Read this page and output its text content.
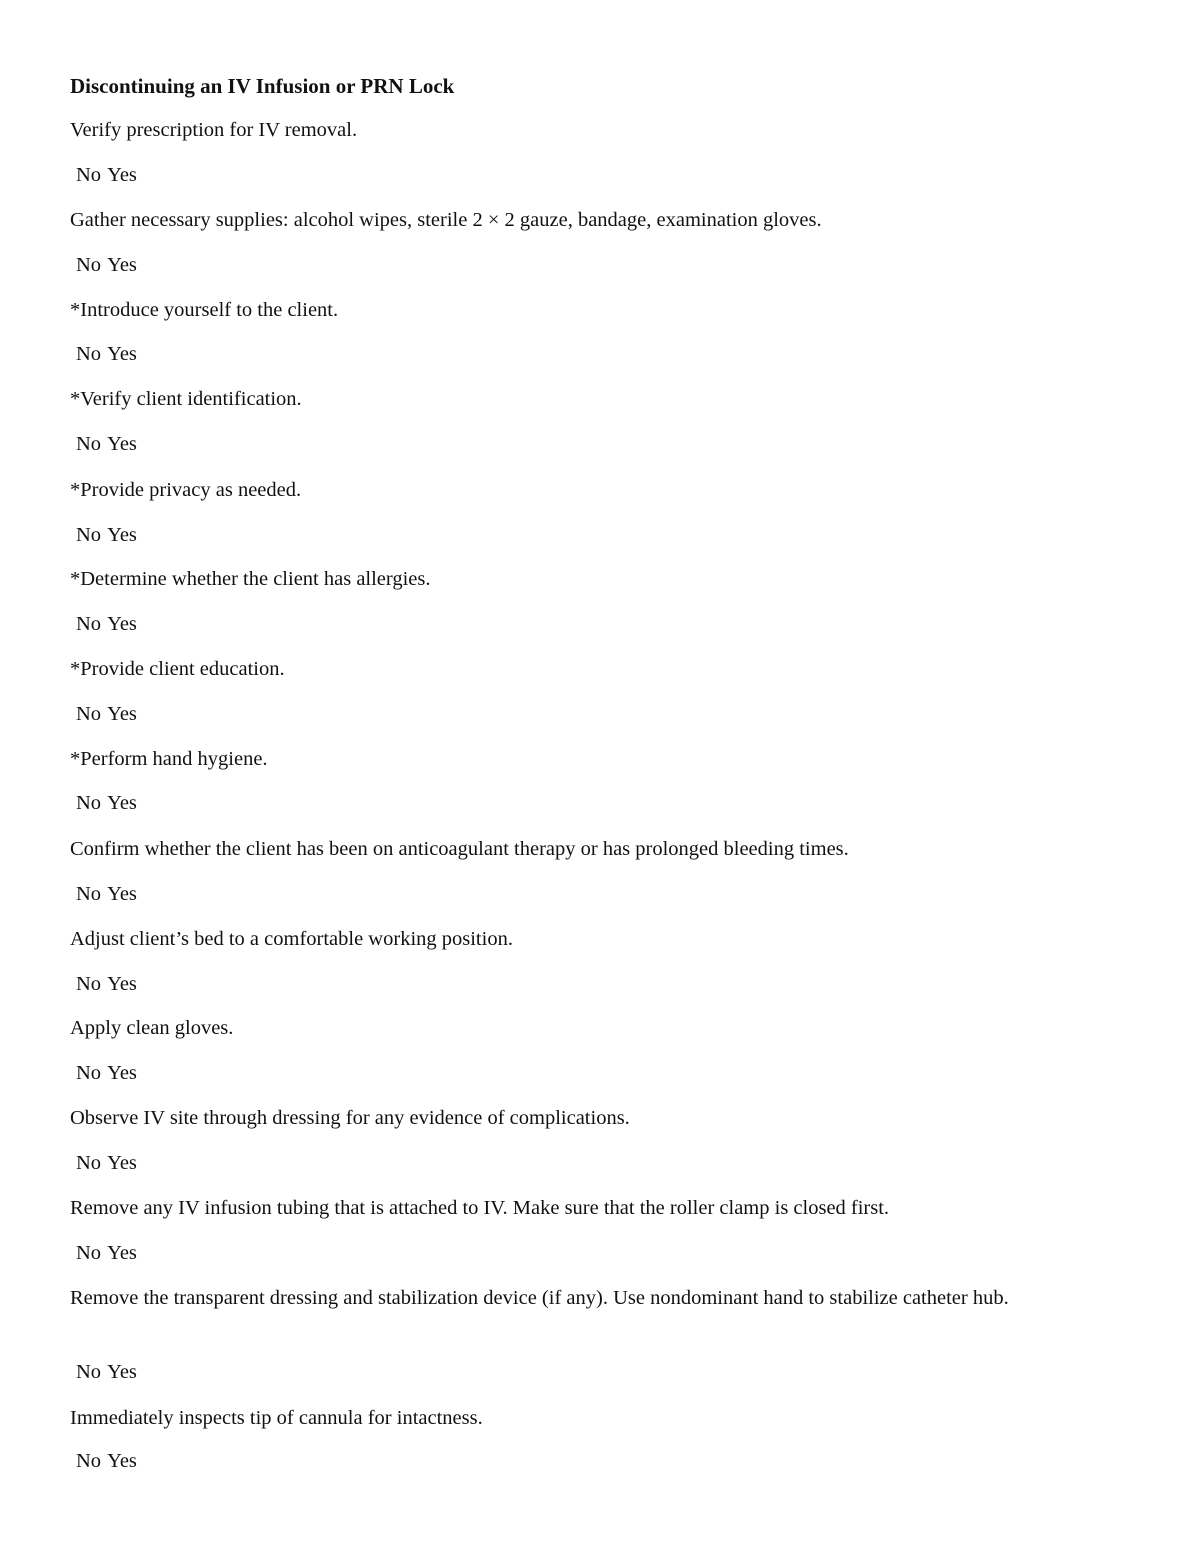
Discontinuing an IV Infusion or PRN Lock
Verify prescription for IV removal.
No Yes
Gather necessary supplies: alcohol wipes, sterile 2 × 2 gauze, bandage, examination gloves.
No Yes
*Introduce yourself to the client.
No Yes
*Verify client identification.
No Yes
*Provide privacy as needed.
No Yes
*Determine whether the client has allergies.
No Yes
*Provide client education.
No Yes
*Perform hand hygiene.
No Yes
Confirm whether the client has been on anticoagulant therapy or has prolonged bleeding times.
No Yes
Adjust client’s bed to a comfortable working position.
No Yes
Apply clean gloves.
No Yes
Observe IV site through dressing for any evidence of complications.
No Yes
Remove any IV infusion tubing that is attached to IV. Make sure that the roller clamp is closed first.
No Yes
Remove the transparent dressing and stabilization device (if any). Use nondominant hand to stabilize catheter hub.
No Yes
Immediately inspects tip of cannula for intactness.
No Yes
